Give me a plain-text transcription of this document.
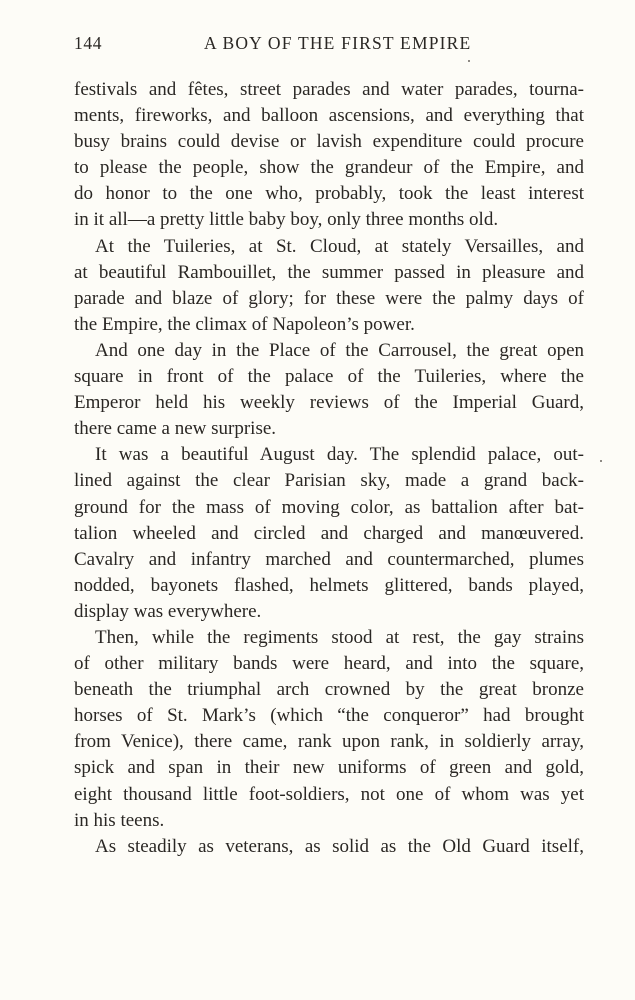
144	A BOY OF THE FIRST EMPIRE
festivals and fêtes, street parades and water parades, tourna-
ments, fireworks, and balloon ascensions, and everything that
busy brains could devise or lavish expenditure could procure
to please the people, show the grandeur of the Empire, and
do honor to the one who, probably, took the least interest
in it all—a pretty little baby boy, only three months old.
At the Tuileries, at St. Cloud, at stately Versailles, and
at beautiful Rambouillet, the summer passed in pleasure and
parade and blaze of glory; for these were the palmy days of
the Empire, the climax of Napoleon’s power.
And one day in the Place of the Carrousel, the great open
square in front of the palace of the Tuileries, where the
Emperor held his weekly reviews of the Imperial Guard,
there came a new surprise.
It was a beautiful August day. The splendid palace, out-
lined against the clear Parisian sky, made a grand back-
ground for the mass of moving color, as battalion after bat-
talion wheeled and circled and charged and manœuvered.
Cavalry and infantry marched and countermarched, plumes
nodded, bayonets flashed, helmets glittered, bands played,
display was everywhere.
Then, while the regiments stood at rest, the gay strains
of other military bands were heard, and into the square,
beneath the triumphal arch crowned by the great bronze
horses of St. Mark’s (which “the conqueror” had brought
from Venice), there came, rank upon rank, in soldierly array,
spick and span in their new uniforms of green and gold,
eight thousand little foot-soldiers, not one of whom was yet
in his teens.
As steadily as veterans, as solid as the Old Guard itself,
